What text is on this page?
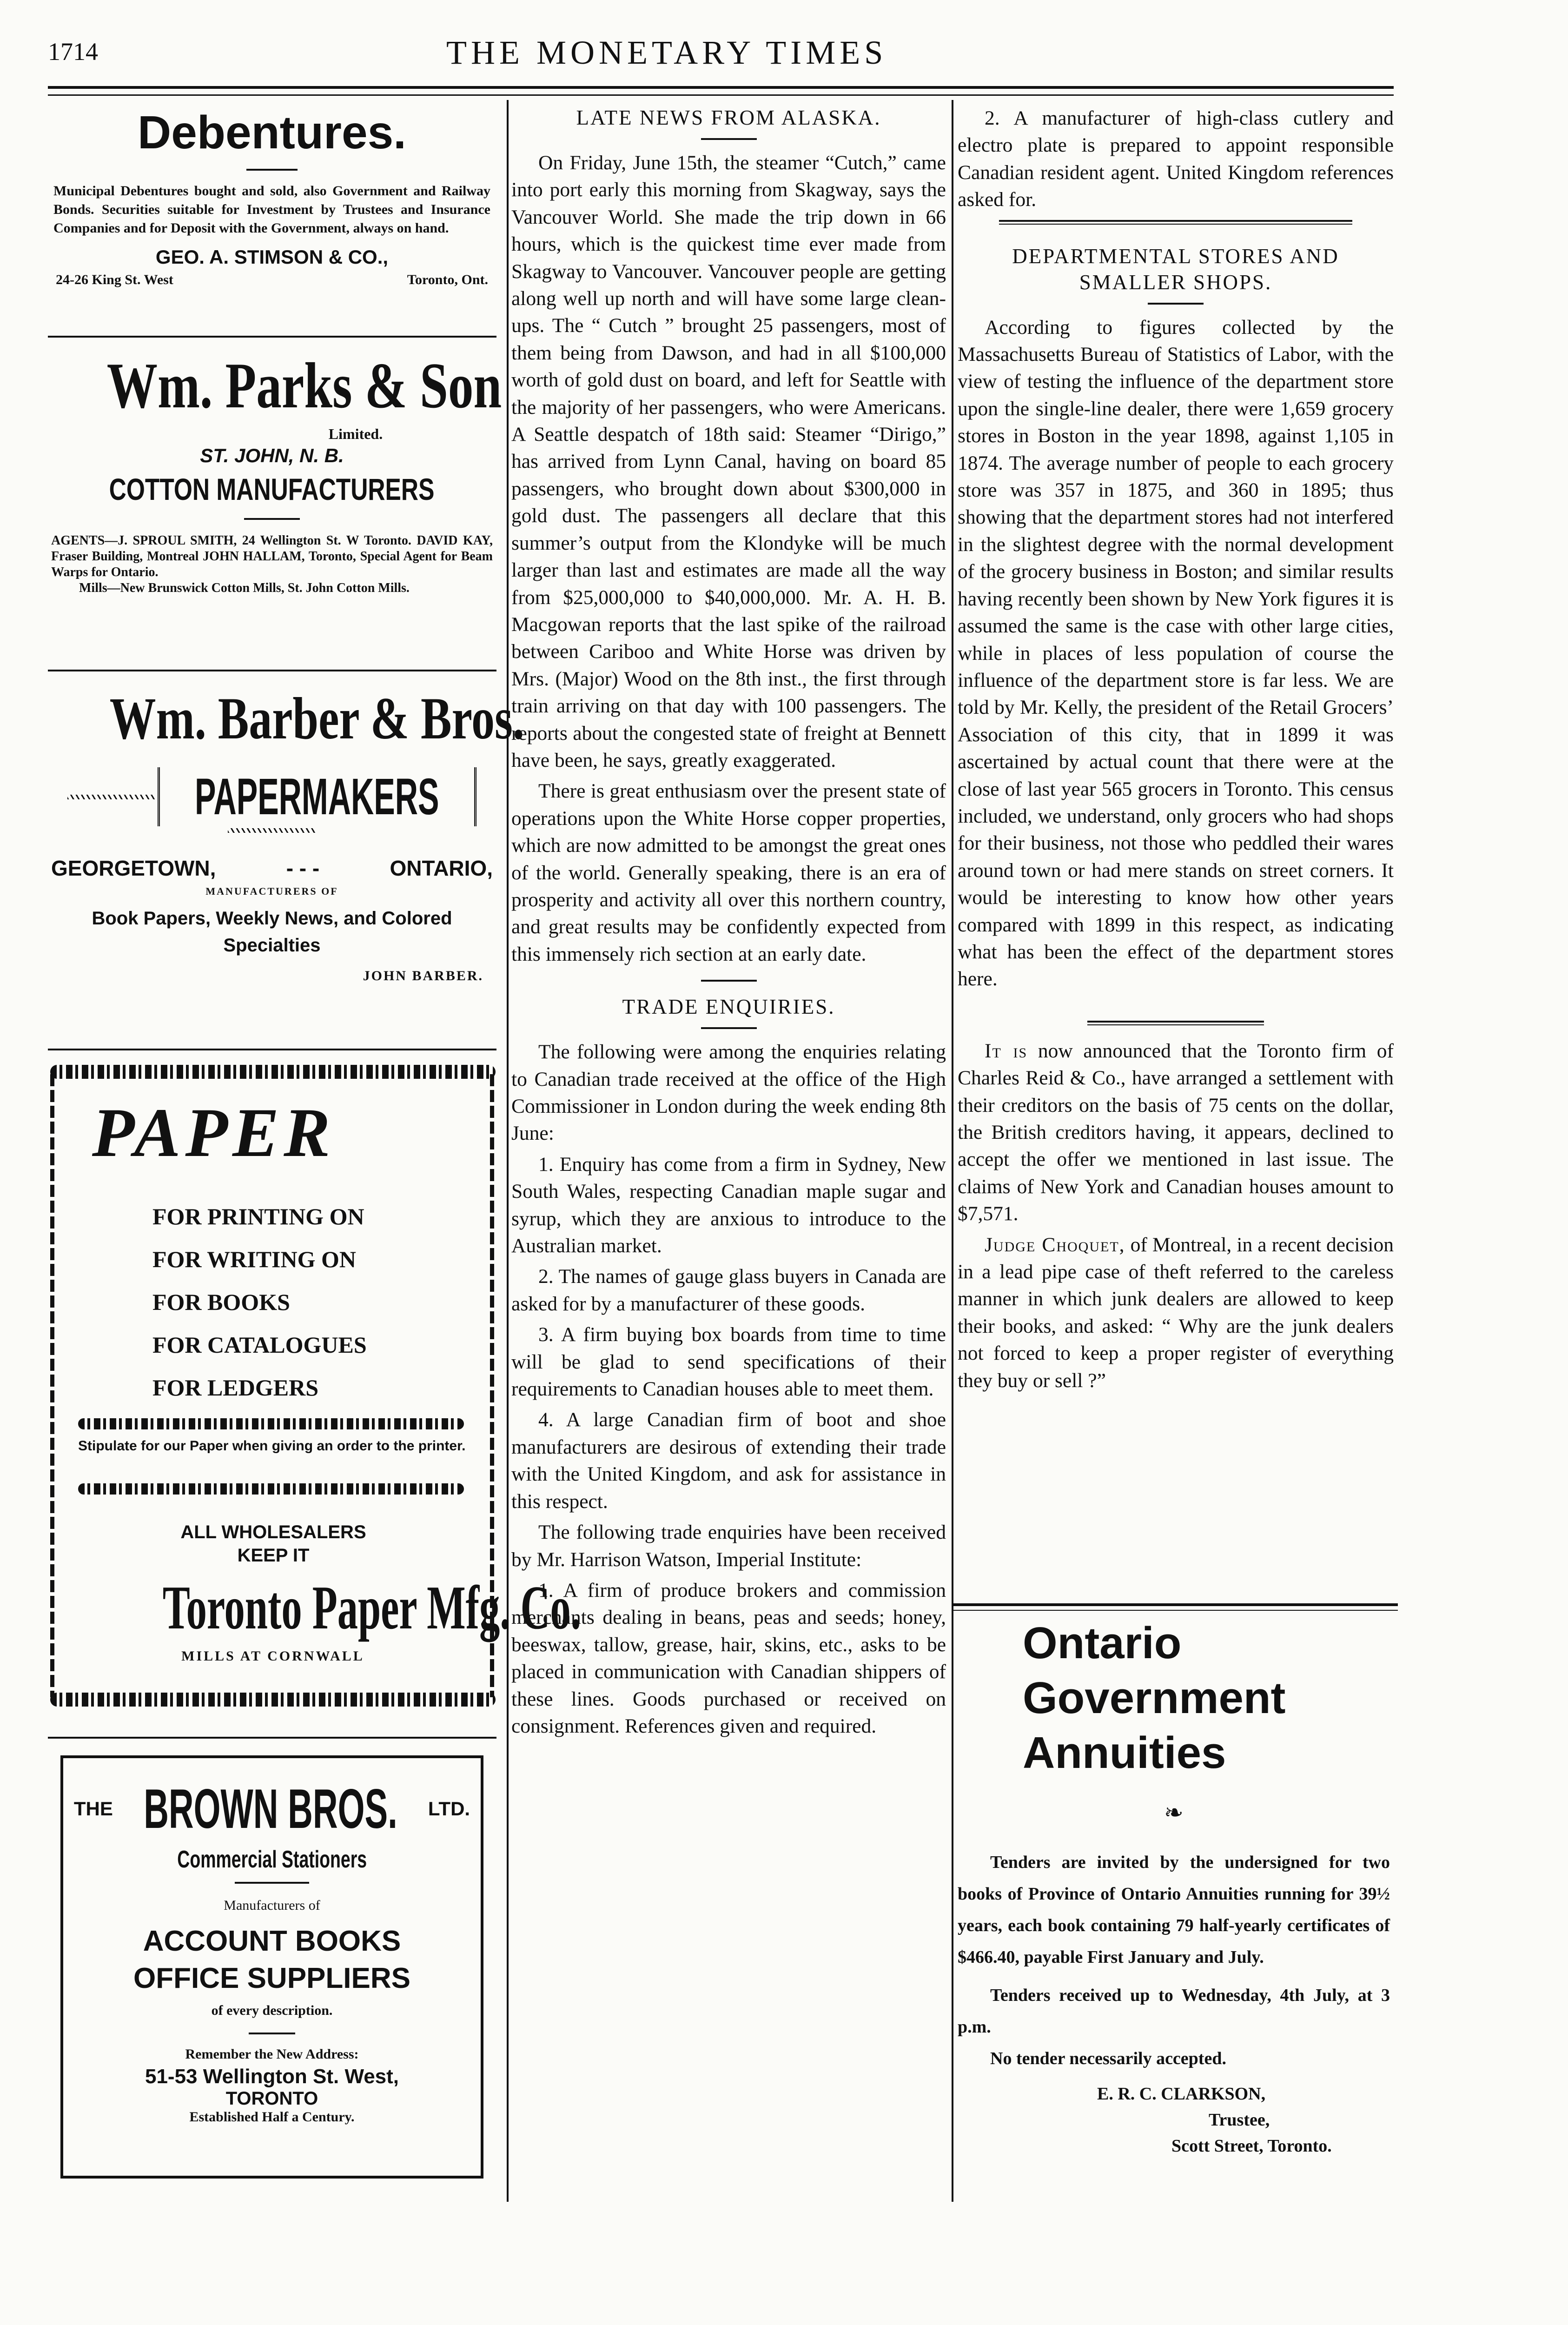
1714	THE MONETARY TIMES
Debentures.
Municipal Debentures bought and sold, also Government and Railway Bonds. Securities suitable for Investment by Trustees and Insurance Companies and for Deposit with the Government, always on hand.
GEO. A. STIMSON & CO.,
24-26 King St. West	Toronto, Ont.
Wm. Parks & Son
Limited.
ST. JOHN, N. B.
COTTON MANUFACTURERS
AGENTS—J. SPROUL SMITH, 24 Wellington St. W Toronto. DAVID KAY, Fraser Building, Montreal JOHN HALLAM, Toronto, Special Agent for Beam Warps for Ontario.
Mills—New Brunswick Cotton Mills, St. John Cotton Mills.
Wm. Barber & Bros.
PAPERMAKERS
GEORGETOWN,	- - -	ONTARIO,
MANUFACTURERS OF
Book Papers, Weekly News, and Colored Specialties
JOHN BARBER.
PAPER
FOR PRINTING ON
FOR WRITING ON
FOR BOOKS
FOR CATALOGUES
FOR LEDGERS
Stipulate for our Paper when giving an order to the printer.
ALL WHOLESALERS KEEP IT
Toronto Paper Mfg. Co.
MILLS AT CORNWALL
THE BROWN BROS. LTD.
Commercial Stationers
Manufacturers of
ACCOUNT BOOKS
OFFICE SUPPLIERS
of every description.
Remember the New Address:
51-53 Wellington St. West,
TORONTO
Established Half a Century.
LATE NEWS FROM ALASKA.

On Friday, June 15th, the steamer “Cutch,” came into port early this morning from Skagway, says the Vancouver World. She made the trip down in 66 hours, which is the quickest time ever made from Skagway to Vancouver. Vancouver people are getting along well up north and will have some large clean-ups. The “ Cutch ” brought 25 passengers, most of them being from Dawson, and had in all $100,000 worth of gold dust on board, and left for Seattle with the majority of her passengers, who were Americans. A Seattle despatch of 18th said: Steamer “Dirigo,” has arrived from Lynn Canal, having on board 85 passengers, who brought down about $300,000 in gold dust. The passengers all declare that this summer’s output from the Klondyke will be much larger than last and estimates are made all the way from $25,000,000 to $40,000,000. Mr. A. H. B. Macgowan reports that the last spike of the railroad between Cariboo and White Horse was driven by Mrs. (Major) Wood on the 8th inst., the first through train arriving on that day with 100 passengers. The reports about the congested state of freight at Bennett have been, he says, greatly exaggerated.

There is great enthusiasm over the present state of operations upon the White Horse copper properties, which are now admitted to be amongst the great ones of the world. Generally speaking, there is an era of prosperity and activity all over this northern country, and great results may be confidently expected from this immensely rich section at an early date.

TRADE ENQUIRIES.

The following were among the enquiries relating to Canadian trade received at the office of the High Commissioner in London during the week ending 8th June:

1. Enquiry has come from a firm in Sydney, New South Wales, respecting Canadian maple sugar and syrup, which they are anxious to introduce to the Australian market.

2. The names of gauge glass buyers in Canada are asked for by a manufacturer of these goods.

3. A firm buying box boards from time to time will be glad to send specifications of their requirements to Canadian houses able to meet them.

4. A large Canadian firm of boot and shoe manufacturers are desirous of extending their trade with the United Kingdom, and ask for assistance in this respect.

The following trade enquiries have been received by Mr. Harrison Watson, Imperial Institute:

1. A firm of produce brokers and commission merchants dealing in beans, peas and seeds; honey, beeswax, tallow, grease, hair, skins, etc., asks to be placed in communication with Canadian shippers of these lines. Goods purchased or received on consignment. References given and required.

2. A manufacturer of high-class cutlery and electro plate is prepared to appoint responsible Canadian resident agent. United Kingdom references asked for.

DEPARTMENTAL STORES AND SMALLER SHOPS.

According to figures collected by the Massachusetts Bureau of Statistics of Labor, with the view of testing the influence of the department store upon the single-line dealer, there were 1,659 grocery stores in Boston in the year 1898, against 1,105 in 1874. The average number of people to each grocery store was 357 in 1875, and 360 in 1895; thus showing that the department stores had not interfered in the slightest degree with the normal development of the grocery business in Boston; and similar results having recently been shown by New York figures it is assumed the same is the case with other large cities, while in places of less population of course the influence of the department store is far less. We are told by Mr. Kelly, the president of the Retail Grocers’ Association of this city, that in 1899 it was ascertained by actual count that there were at the close of last year 565 grocers in Toronto. This census included, we understand, only grocers who had shops for their business, not those who peddled their wares around town or had mere stands on street corners. It would be interesting to know how other years compared with 1899 in this respect, as indicating what has been the effect of the department stores here.

It is now announced that the Toronto firm of Charles Reid & Co., have arranged a settlement with their creditors on the basis of 75 cents on the dollar, the British creditors having, it appears, declined to accept the offer we mentioned in last issue. The claims of New York and Canadian houses amount to $7,571.

Judge Choquet, of Montreal, in a recent decision in a lead pipe case of theft referred to the careless manner in which junk dealers are allowed to keep their books, and asked: “ Why are the junk dealers not forced to keep a proper register of everything they buy or sell ?”

Ontario
Government
Annuities
❧
Tenders are invited by the undersigned for two books of Province of Ontario Annuities running for 39½ years, each book containing 79 half-yearly certificates of $466.40, payable First January and July.
Tenders received up to Wednesday, 4th July, at 3 p.m.
No tender necessarily accepted.
E. R. C. CLARKSON,
Trustee,
Scott Street, Toronto.
